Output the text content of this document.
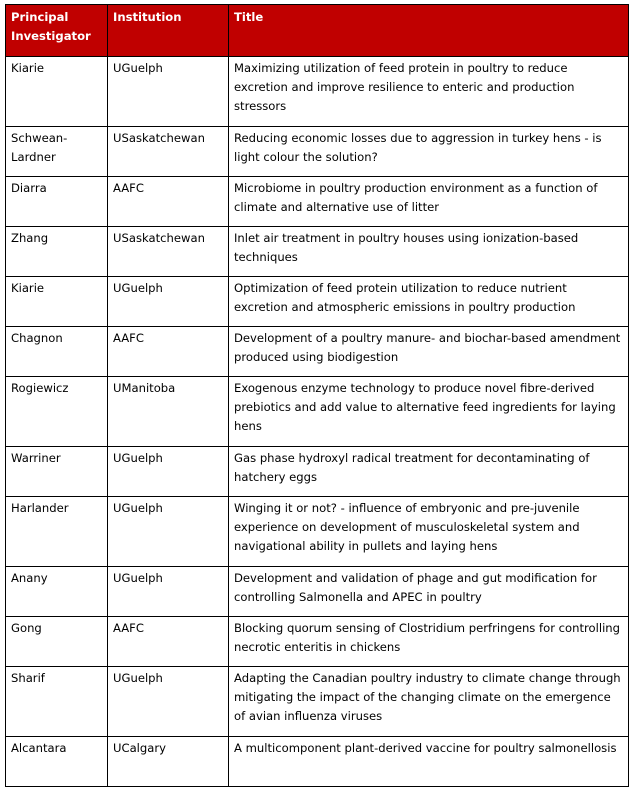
Principal Investigator	Institution	Title
Kiarie	UGuelph	Maximizing utilization of feed protein in poultry to reduce excretion and improve resilience to enteric and production stressors
Schwean-Lardner	USaskatchewan	Reducing economic losses due to aggression in turkey hens - is light colour the solution?
Diarra	AAFC	Microbiome in poultry production environment as a function of climate and alternative use of litter
Zhang	USaskatchewan	Inlet air treatment in poultry houses using ionization-based techniques
Kiarie	UGuelph	Optimization of feed protein utilization to reduce nutrient excretion and atmospheric emissions in poultry production
Chagnon	AAFC	Development of a poultry manure- and biochar-based amendment produced using biodigestion
Rogiewicz	UManitoba	Exogenous enzyme technology to produce novel fibre-derived prebiotics and add value to alternative feed ingredients for laying hens
Warriner	UGuelph	Gas phase hydroxyl radical treatment for decontaminating of hatchery eggs
Harlander	UGuelph	Winging it or not? - influence of embryonic and pre-juvenile experience on development of musculoskeletal system and navigational ability in pullets and laying hens
Anany	UGuelph	Development and validation of phage and gut modification for controlling Salmonella and APEC in poultry
Gong	AAFC	Blocking quorum sensing of Clostridium perfringens for controlling necrotic enteritis in chickens
Sharif	UGuelph	Adapting the Canadian poultry industry to climate change through mitigating the impact of the changing climate on the emergence of avian influenza viruses
Alcantara	UCalgary	A multicomponent plant-derived vaccine for poultry salmonellosis
